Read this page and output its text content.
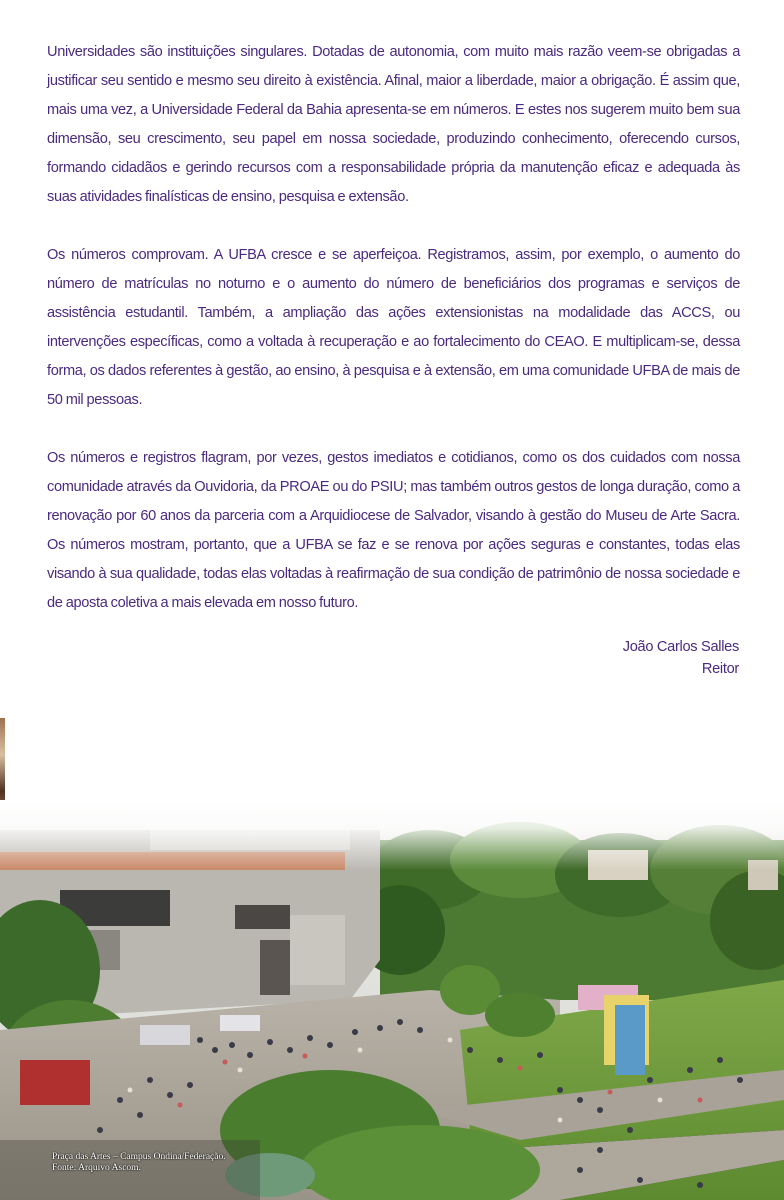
Universidades são instituições singulares. Dotadas de autonomia, com muito mais razão veem-se obrigadas a justificar seu sentido e mesmo seu direito à existência. Afinal, maior a liberdade, maior a obrigação. É assim que, mais uma vez, a Universidade Federal da Bahia apresenta-se em números. E estes nos sugerem muito bem sua dimensão, seu crescimento, seu papel em nossa sociedade, produzindo conhecimento, oferecendo cursos, formando cidadãos e gerindo recursos com a responsabilidade própria da manutenção eficaz e adequada às suas atividades finalísticas de ensino, pesquisa e extensão.

Os números comprovam. A UFBA cresce e se aperfeiçoa. Registramos, assim, por exemplo, o aumento do número de matrículas no noturno e o aumento do número de beneficiários dos programas e serviços de assistência estudantil. Também, a ampliação das ações extensionistas na modalidade das ACCS, ou intervenções específicas, como a voltada à recuperação e ao fortalecimento do CEAO. E multiplicam-se, dessa forma, os dados referentes à gestão, ao ensino, à pesquisa e à extensão, em uma comunidade UFBA de mais de 50 mil pessoas.

Os números e registros flagram, por vezes, gestos imediatos e cotidianos, como os dos cuidados com nossa comunidade através da Ouvidoria, da PROAE ou do PSIU; mas também outros gestos de longa duração, como a renovação por 60 anos da parceria com a Arquidiocese de Salvador, visando à gestão do Museu de Arte Sacra. Os números mostram, portanto, que a UFBA se faz e se renova por ações seguras e constantes, todas elas visando à sua qualidade, todas elas voltadas à reafirmação de sua condição de patrimônio de nossa sociedade e de aposta coletiva a mais elevada em nosso futuro.

João Carlos Salles
Reitor
Praça das Artes – Campus Ondina/Federação.
Fonte: Arquivo Ascom.
